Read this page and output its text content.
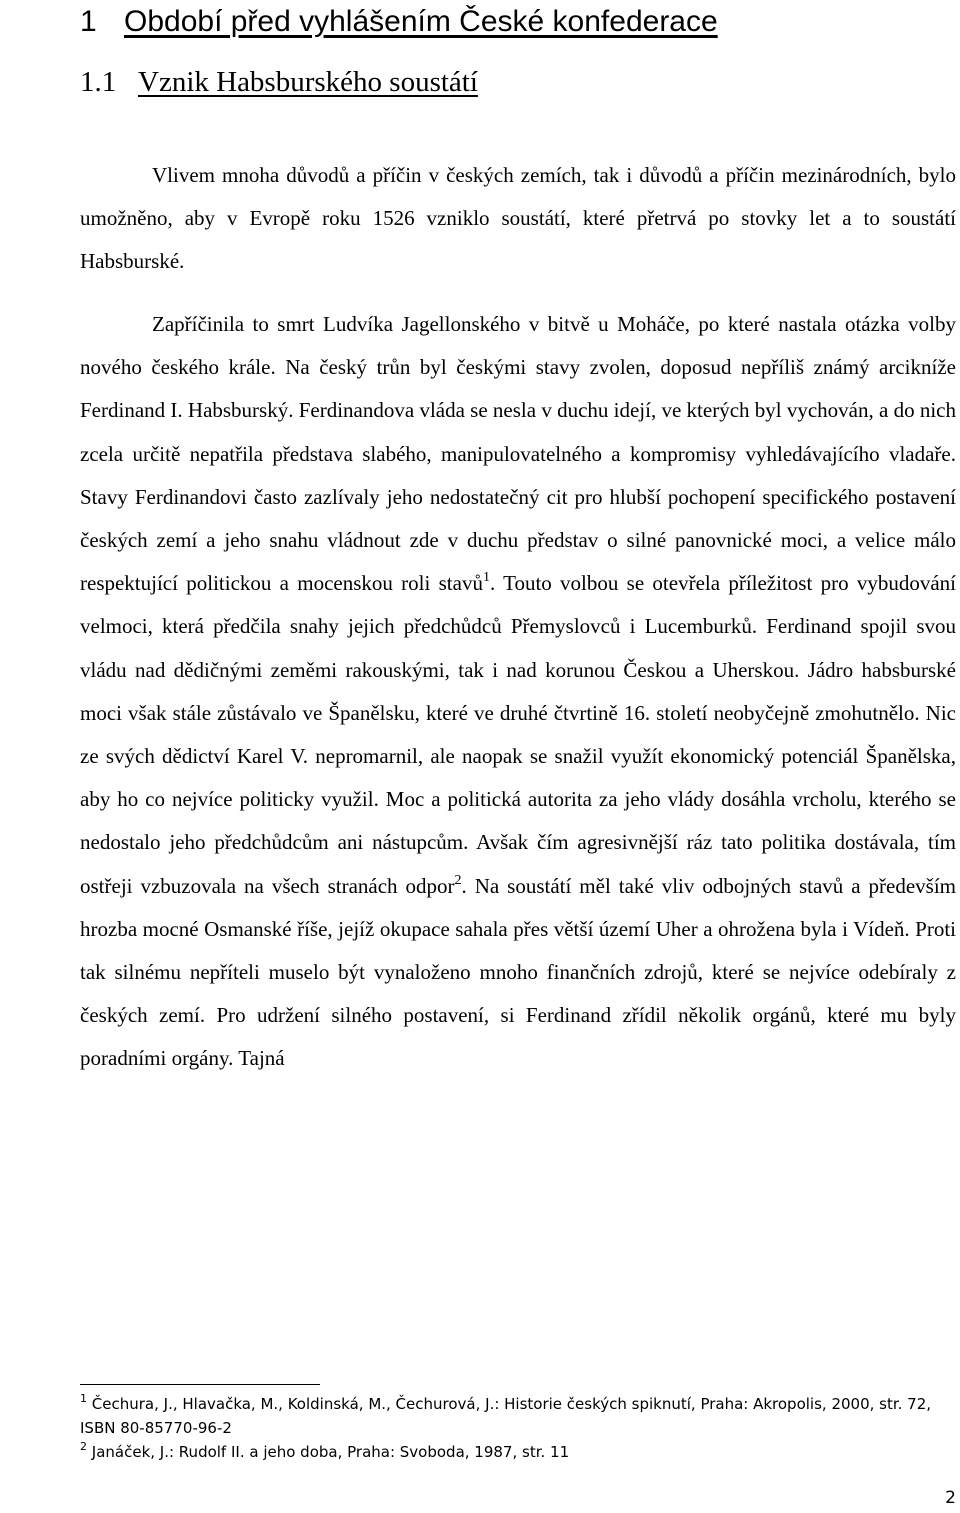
1 Období před vyhlášením České konfederace
1.1 Vznik Habsburského soustátí

Vlivem mnoha důvodů a příčin v českých zemích, tak i důvodů a příčin mezinárodních, bylo umožněno, aby v Evropě roku 1526 vzniklo soustátí, které přetrvá po stovky let a to soustátí Habsburské.

Zapříčinila to smrt Ludvíka Jagellonského v bitvě u Moháče, po které nastala otázka volby nového českého krále. Na český trůn byl českými stavy zvolen, doposud nepříliš známý arcikníže Ferdinand I. Habsburský. Ferdinandova vláda se nesla v duchu idejí, ve kterých byl vychován, a do nich zcela určitě nepatřila představa slabého, manipulovatelného a kompromisy vyhledávajícího vladaře. Stavy Ferdinandovi často zazlívaly jeho nedostatečný cit pro hlubší pochopení specifického postavení českých zemí a jeho snahu vládnout zde v duchu představ o silné panovnické moci, a velice málo respektující politickou a mocenskou roli stavů$^1$. Touto volbou se otevřela příležitost pro vybudování velmoci, která předčila snahy jejich předchůdců Přemyslovců i Lucemburků. Ferdinand spojil svou vládu nad dědičnými zeměmi rakouskými, tak i nad korunou Českou a Uherskou. Jádro habsburské moci však stále zůstávalo ve Španělsku, které ve druhé čtvrtině 16. století neobyčejně zmohutnělo. Nic ze svých dědictví Karel V. nepromarnil, ale naopak se snažil využít ekonomický potenciál Španělska, aby ho co nejvíce politicky využil. Moc a politická autorita za jeho vlády dosáhla vrcholu, kterého se nedostalo jeho předchůdcům ani nástupcům. Avšak čím agresivnější ráz tato politika dostávala, tím ostřeji vzbuzovala na všech stranách odpor$^2$. Na soustátí měl také vliv odbojných stavů a především hrozba mocné Osmanské říše, jejíž okupace sahala přes větší území Uher a ohrožena byla i Vídeň. Proti tak silnému nepříteli muselo být vynaloženo mnoho finančních zdrojů, které se nejvíce odebíraly z českých zemí. Pro udržení silného postavení, si Ferdinand zřídil několik orgánů, které mu byly poradními orgány. Tajná

$^1$ Čechura, J., Hlavačka, M., Koldinská, M., Čechurová, J.: Historie českých spiknutí, Praha: Akropolis, 2000, str. 72, ISBN 80-85770-96-2

$^2$ Janáček, J.: Rudolf II. a jeho doba, Praha: Svoboda, 1987, str. 11

2
